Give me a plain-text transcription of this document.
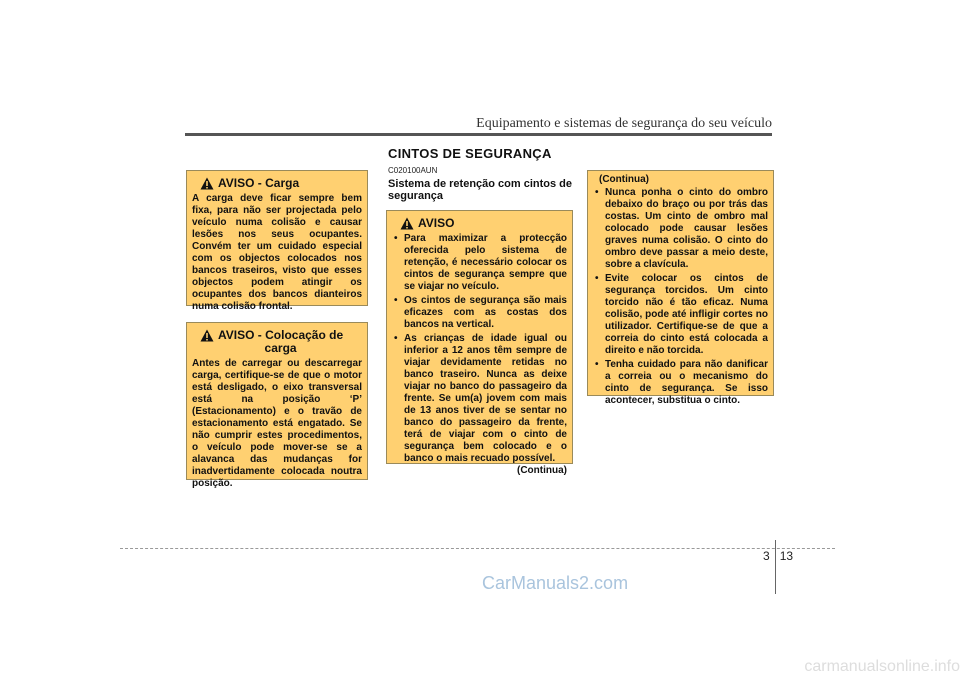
Equipamento e sistemas de segurança do seu veículo
CINTOS DE SEGURANÇA
AVISO - Carga
A carga deve ficar sempre bem fixa, para não ser projectada pelo veículo numa colisão e causar lesões nos seus ocupantes. Convém ter um cuidado especial com os objectos colocados nos bancos traseiros, visto que esses objectos podem atingir os ocupantes dos bancos dianteiros numa colisão frontal.
AVISO - Colocação de
carga
Antes de carregar ou descarregar carga, certifique-se de que o motor está desligado, o eixo transversal está na posição ‘P’ (Estacionamento) e o travão de estacionamento está engatado. Se não cumprir estes procedimentos, o veículo pode mover-se se a alavanca das mudanças for inadvertidamente colocada noutra posição.
C020100AUN
Sistema de retenção com cintos de segurança
AVISO
• Para maximizar a protecção oferecida pelo sistema de retenção, é necessário colocar os cintos de segurança sempre que se viajar no veículo.
• Os cintos de segurança são mais eficazes com as costas dos bancos na vertical.
• As crianças de idade igual ou inferior a 12 anos têm sempre de viajar devidamente retidas no banco traseiro. Nunca as deixe viajar no banco do passageiro da frente. Se um(a) jovem com mais de 13 anos tiver de se sentar no banco do passageiro da frente, terá de viajar com o cinto de segurança bem colocado e o banco o mais recuado possível.
(Continua)
(Continua)
• Nunca ponha o cinto do ombro debaixo do braço ou por trás das costas. Um cinto de ombro mal colocado pode causar lesões graves numa colisão. O cinto do ombro deve passar a meio deste, sobre a clavícula.
• Evite colocar os cintos de segurança torcidos. Um cinto torcido não é tão eficaz. Numa colisão, pode até infligir cortes no utilizador. Certifique-se de que a correia do cinto está colocada a direito e não torcida.
• Tenha cuidado para não danificar a correia ou o mecanismo do cinto de segurança. Se isso acontecer, substitua o cinto.
3 13
CarManuals2.com
carmanualsonline.info
